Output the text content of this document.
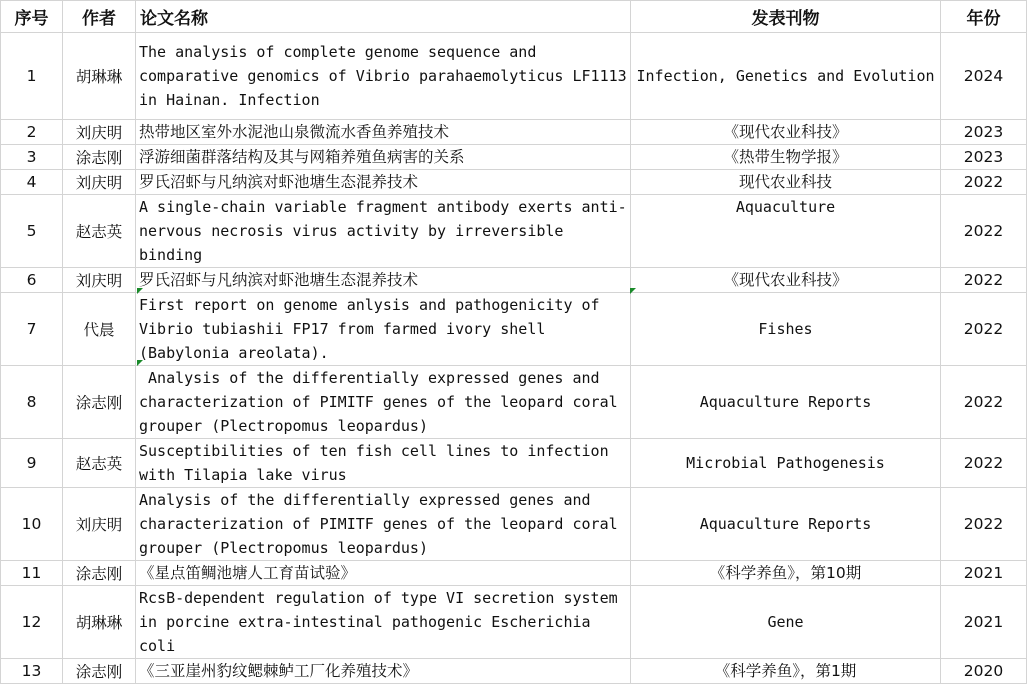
序号	作者	论文名称	发表刊物	年份
1	胡琳琳	The analysis of complete genome sequence and comparative genomics of Vibrio parahaemolyticus LF1113 in Hainan. Infection	Infection, Genetics and Evolution	2024
2	刘庆明	热带地区室外水泥池山泉微流水香鱼养殖技术	《现代农业科技》	2023
3	涂志刚	浮游细菌群落结构及其与网箱养殖鱼病害的关系	《热带生物学报》	2023
4	刘庆明	罗氏沼虾与凡纳滨对虾池塘生态混养技术	现代农业科技	2022
5	赵志英	A single-chain variable fragment antibody exerts anti-nervous necrosis virus activity by irreversible binding	Aquaculture	2022
6	刘庆明	罗氏沼虾与凡纳滨对虾池塘生态混养技术	《现代农业科技》	2022
7	代晨	First report on genome anlysis and pathogenicity of Vibrio tubiashii FP17 from farmed ivory shell (Babylonia areolata).	Fishes	2022
8	涂志刚	Analysis of the differentially expressed genes and characterization of PIMITF genes of the leopard coral grouper (Plectropomus leopardus)	Aquaculture Reports	2022
9	赵志英	Susceptibilities of ten fish cell lines to infection with Tilapia lake virus	Microbial Pathogenesis	2022
10	刘庆明	Analysis of the differentially expressed genes and characterization of PIMITF genes of the leopard coral grouper (Plectropomus leopardus)	Aquaculture Reports	2022
11	涂志刚	《星点笛鲷池塘人工育苗试验》	《科学养鱼》，第10期	2021
12	胡琳琳	RcsB-dependent regulation of type VI secretion system in porcine extra-intestinal pathogenic Escherichia coli	Gene	2021
13	涂志刚	《三亚崖州豹纹鳃棘鲈工厂化养殖技术》	《科学养鱼》，第1期	2020
